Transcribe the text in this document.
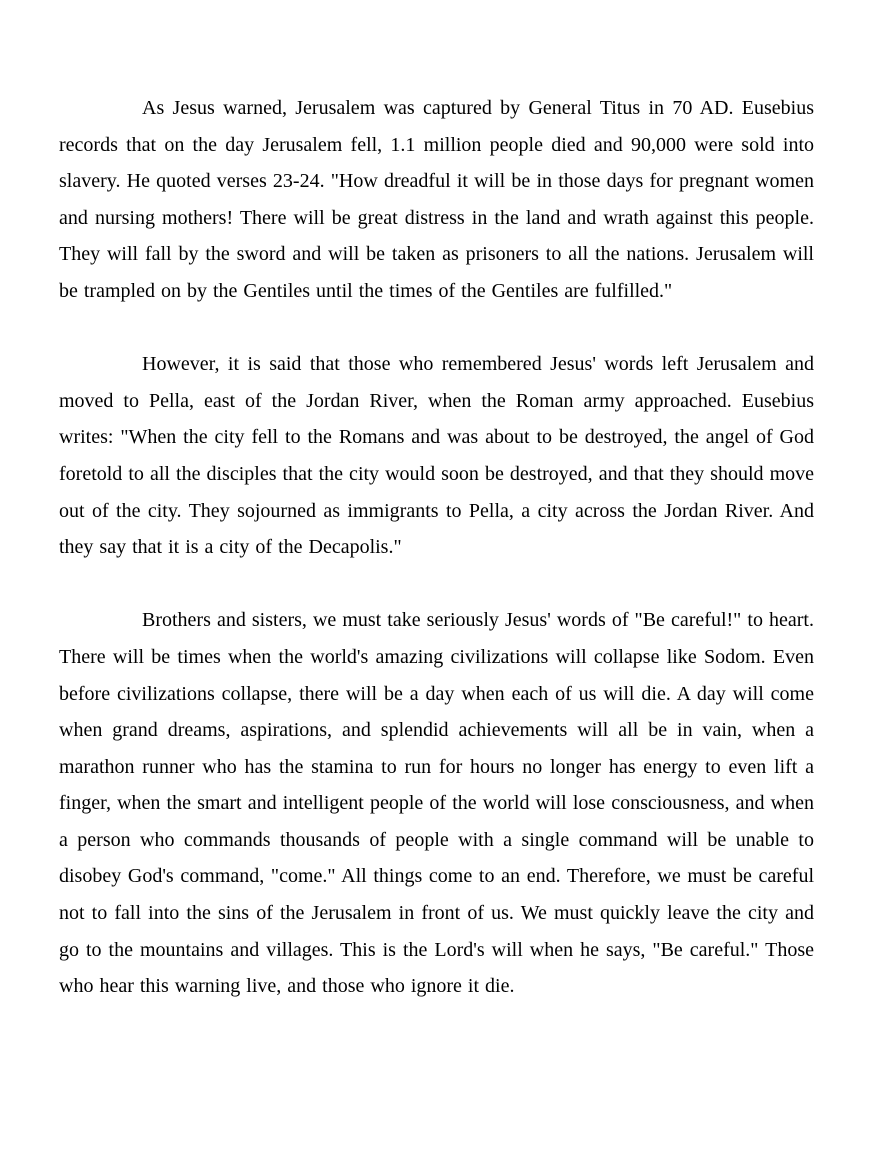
As Jesus warned, Jerusalem was captured by General Titus in 70 AD. Eusebius records that on the day Jerusalem fell, 1.1 million people died and 90,000 were sold into slavery. He quoted verses 23-24. "How dreadful it will be in those days for pregnant women and nursing mothers! There will be great distress in the land and wrath against this people. They will fall by the sword and will be taken as prisoners to all the nations. Jerusalem will be trampled on by the Gentiles until the times of the Gentiles are fulfilled."

However, it is said that those who remembered Jesus' words left Jerusalem and moved to Pella, east of the Jordan River, when the Roman army approached. Eusebius writes: "When the city fell to the Romans and was about to be destroyed, the angel of God foretold to all the disciples that the city would soon be destroyed, and that they should move out of the city. They sojourned as immigrants to Pella, a city across the Jordan River. And they say that it is a city of the Decapolis."

Brothers and sisters, we must take seriously Jesus' words of "Be careful!" to heart. There will be times when the world's amazing civilizations will collapse like Sodom. Even before civilizations collapse, there will be a day when each of us will die. A day will come when grand dreams, aspirations, and splendid achievements will all be in vain, when a marathon runner who has the stamina to run for hours no longer has energy to even lift a finger, when the smart and intelligent people of the world will lose consciousness, and when a person who commands thousands of people with a single command will be unable to disobey God's command, "come." All things come to an end. Therefore, we must be careful not to fall into the sins of the Jerusalem in front of us. We must quickly leave the city and go to the mountains and villages. This is the Lord's will when he says, "Be careful." Those who hear this warning live, and those who ignore it die.
